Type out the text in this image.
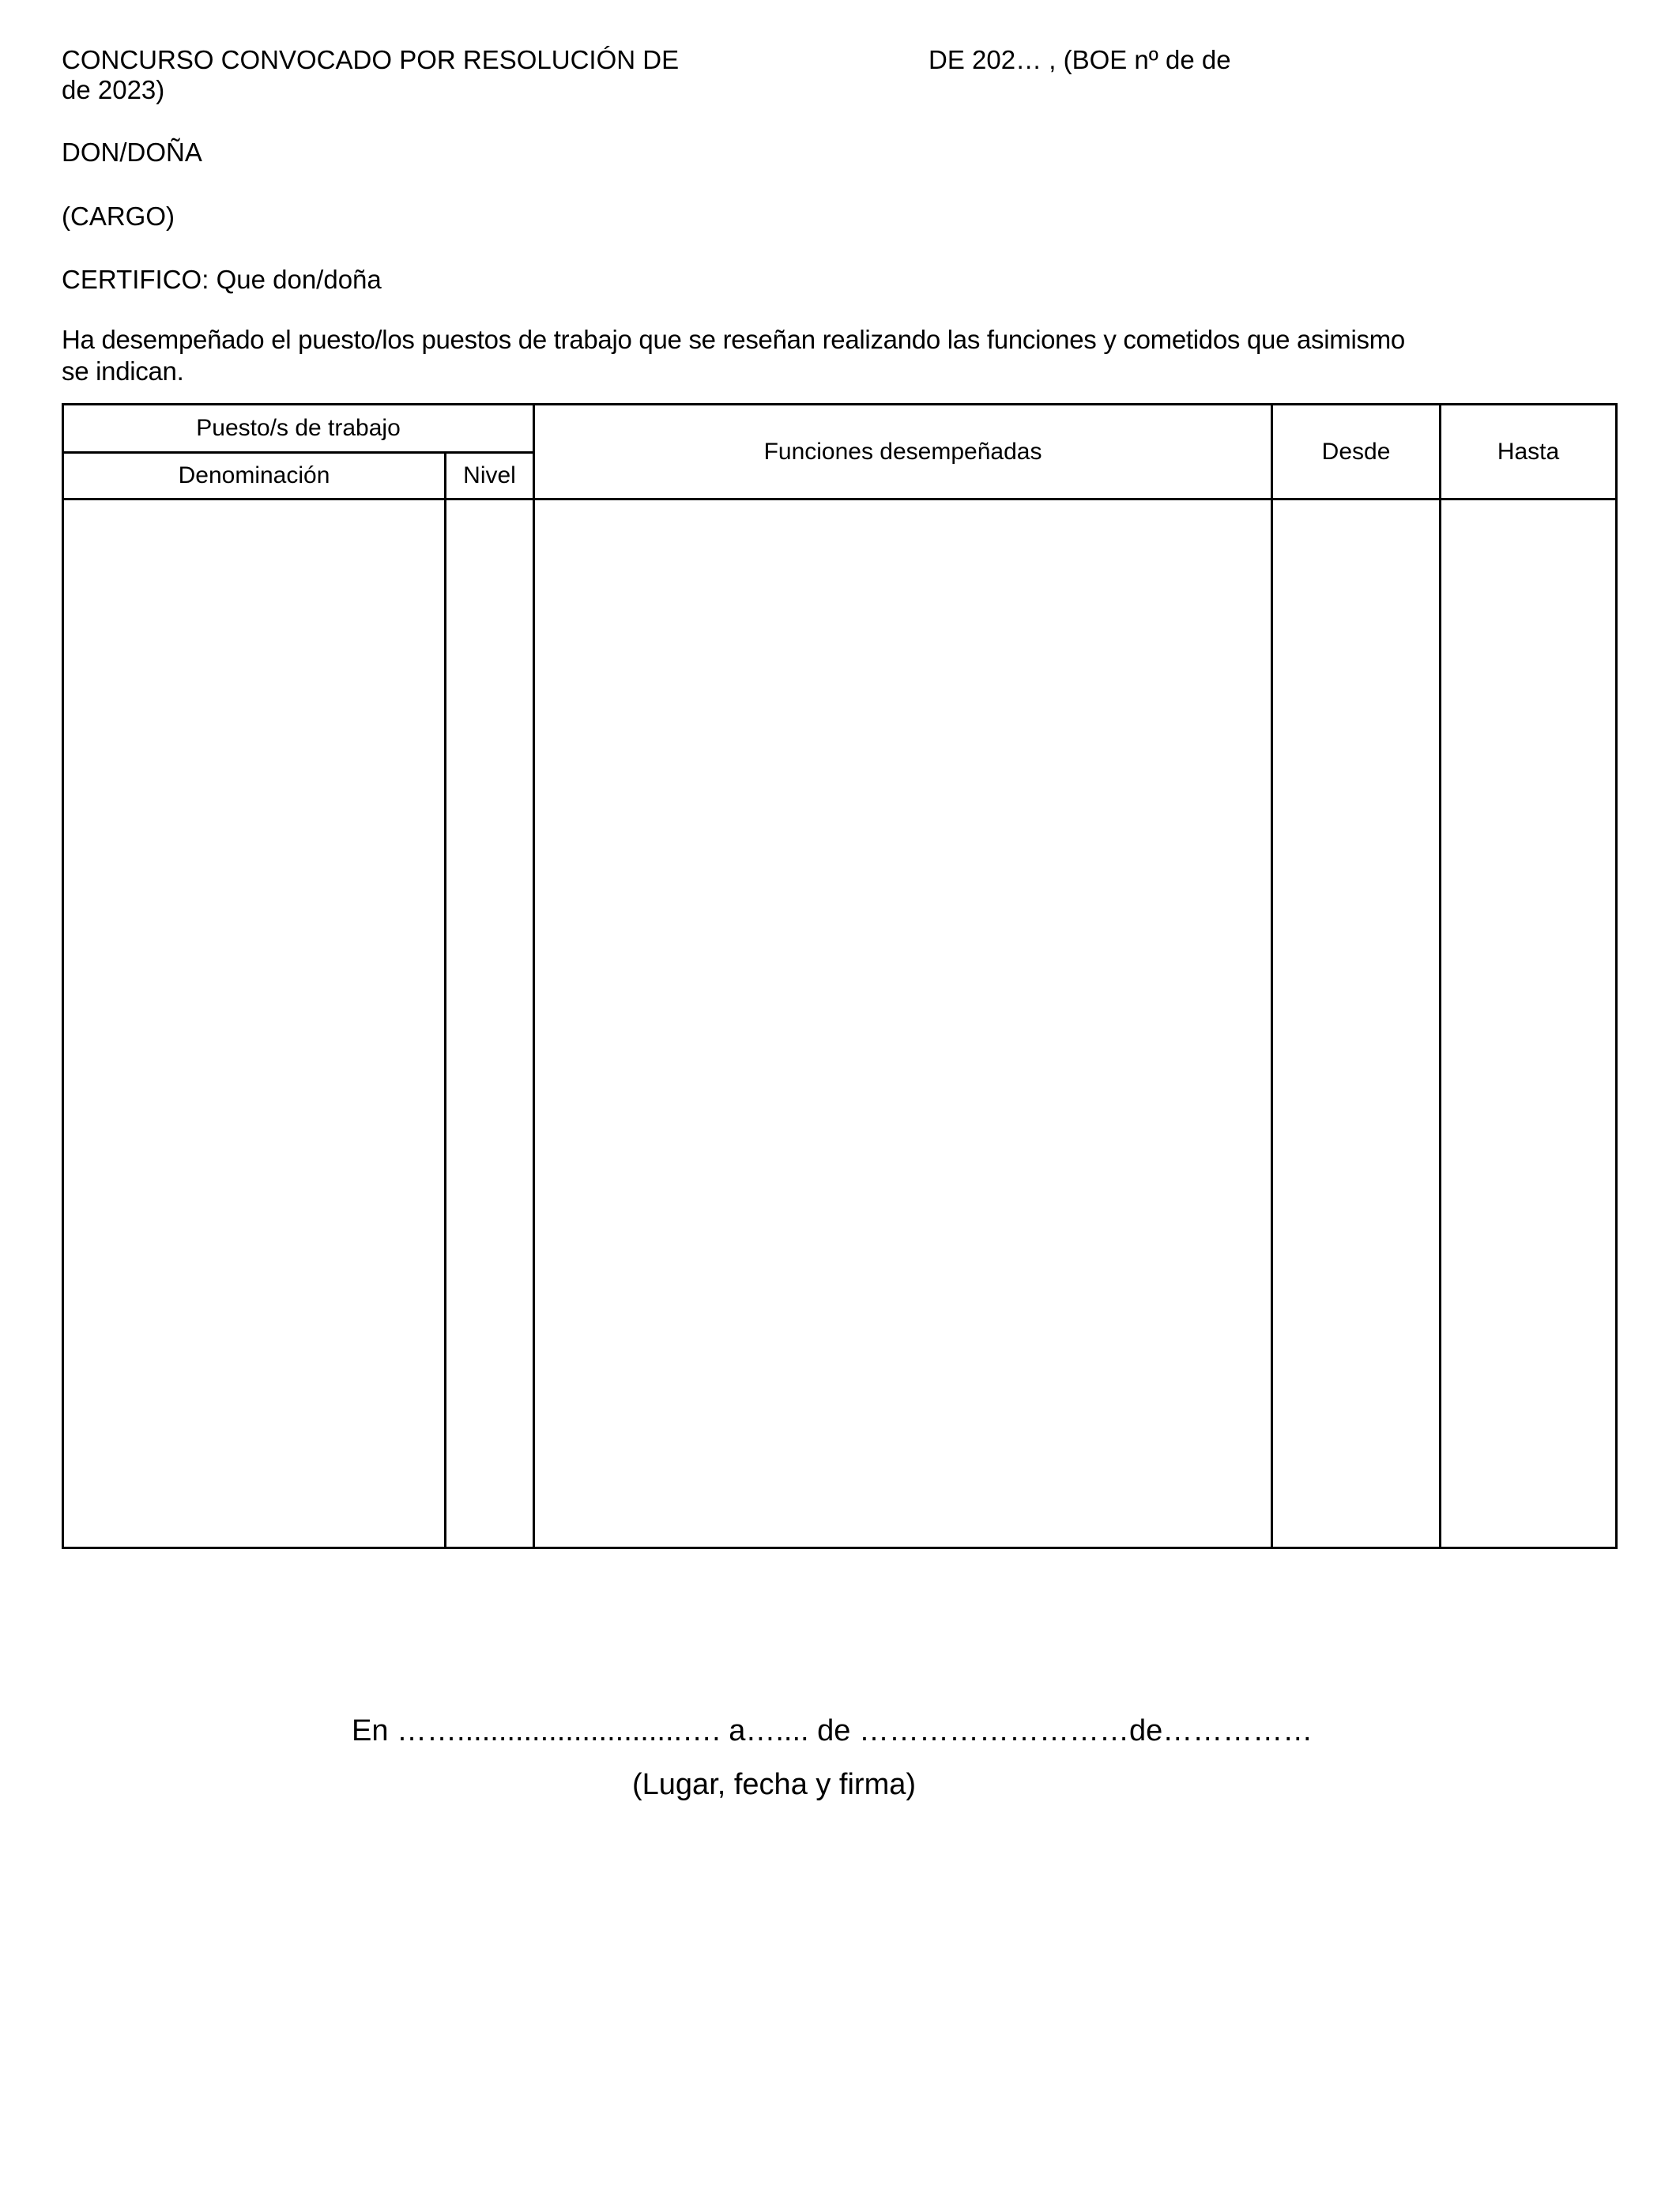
CONCURSO CONVOCADO POR RESOLUCIÓN DE	DE 202… , (BOE nº de de
de 2023)
DON/DOÑA
(CARGO)
CERTIFICO: Que don/doña
Ha desempeñado el puesto/los puestos de trabajo que se reseñan realizando las funciones y cometidos que asimismo se indican.
Puesto/s de trabajo		Funciones desempeñadas	Desde	Hasta
Denominación	Nivel			

En ……...........................…. a….... de ………………………de……………
(Lugar, fecha y firma)
